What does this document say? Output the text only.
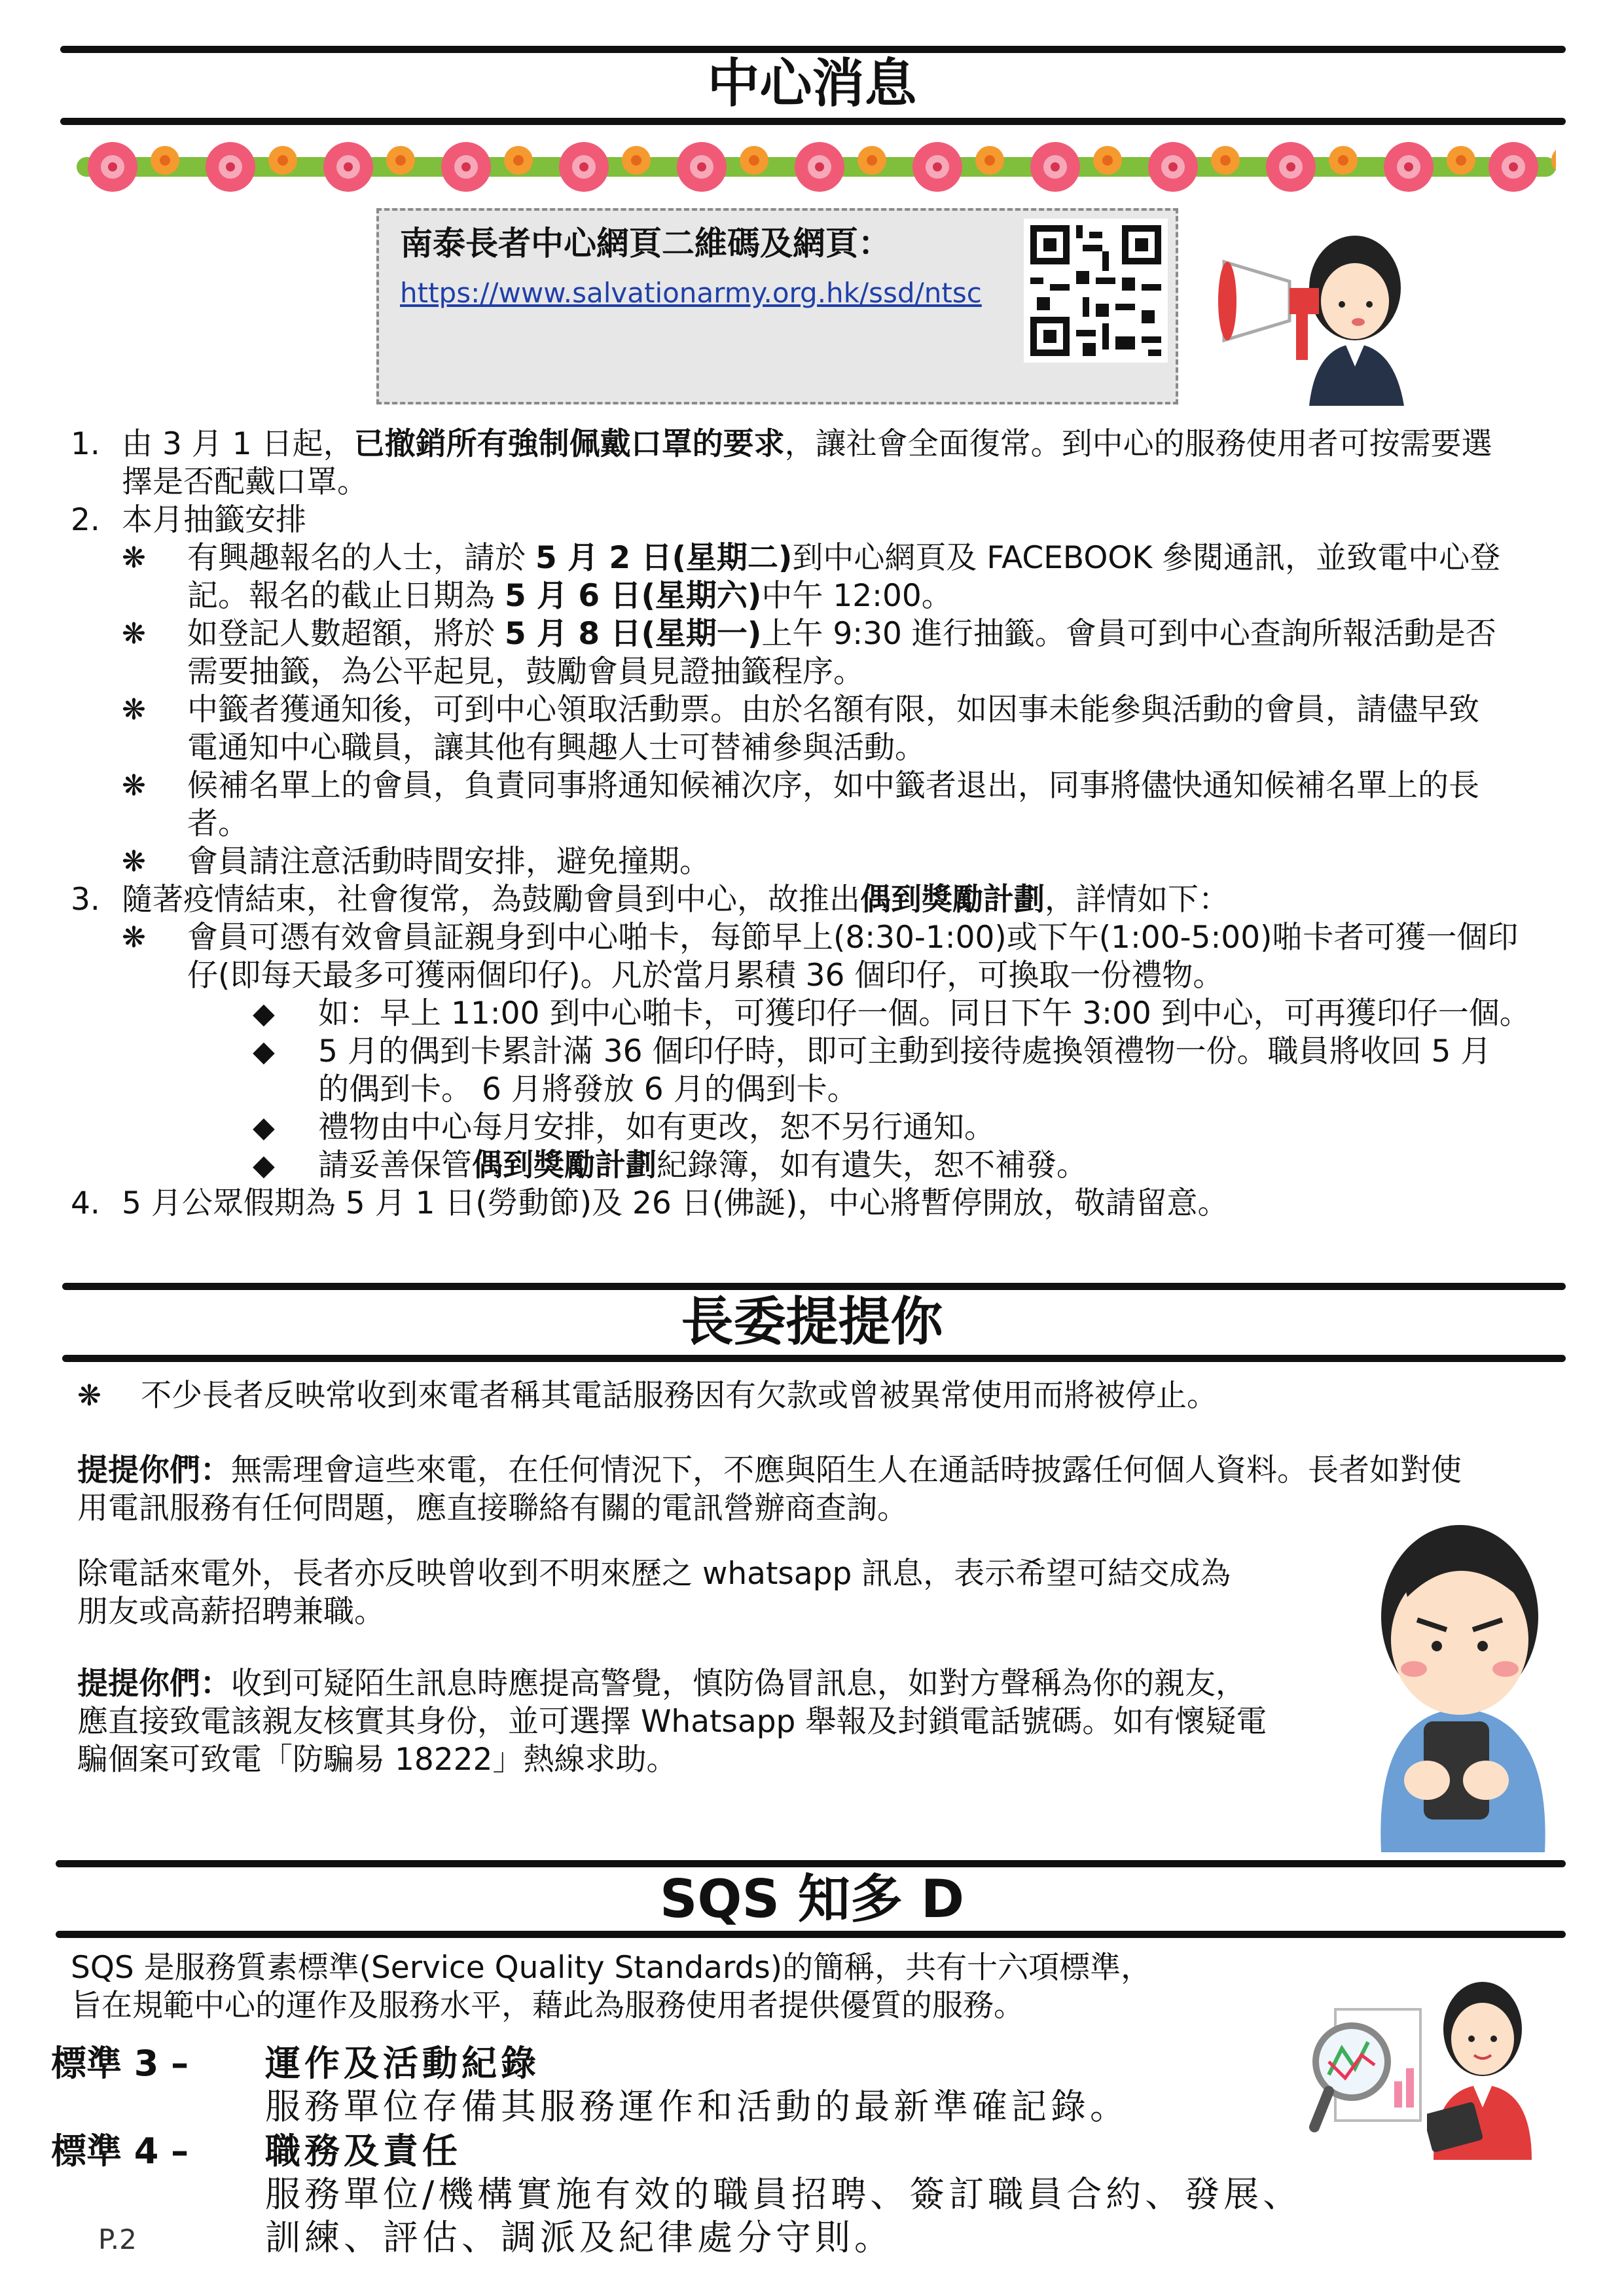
中心消息
南泰長者中心網頁二維碼及網頁：
https://www.salvationarmy.org.hk/ssd/ntsc
1. 由 3 月 1 日起，已撤銷所有強制佩戴口罩的要求，讓社會全面復常。到中心的服務使用者可按需要選
擇是否配戴口罩。
2. 本月抽籤安排
❋ 有興趣報名的人士，請於 5 月 2 日(星期二)到中心網頁及 FACEBOOK 參閱通訊，並致電中心登
記。報名的截止日期為 5 月 6 日(星期六)中午 12:00。
❋ 如登記人數超額，將於 5 月 8 日(星期一)上午 9:30 進行抽籤。會員可到中心查詢所報活動是否
需要抽籤，為公平起見，鼓勵會員見證抽籤程序。
❋ 中籤者獲通知後，可到中心領取活動票。由於名額有限，如因事未能參與活動的會員，請儘早致
電通知中心職員，讓其他有興趣人士可替補參與活動。
❋ 候補名單上的會員，負責同事將通知候補次序，如中籤者退出，同事將儘快通知候補名單上的長
者。
❋ 會員請注意活動時間安排，避免撞期。
3. 隨著疫情結束，社會復常，為鼓勵會員到中心，故推出偶到獎勵計劃，詳情如下：
❋ 會員可憑有效會員証親身到中心啪卡，每節早上(8:30-1:00)或下午(1:00-5:00)啪卡者可獲一個印
仔(即每天最多可獲兩個印仔)。凡於當月累積 36 個印仔，可換取一份禮物。
◆ 如：早上 11:00 到中心啪卡，可獲印仔一個。同日下午 3:00 到中心，可再獲印仔一個。
◆ 5 月的偶到卡累計滿 36 個印仔時，即可主動到接待處換領禮物一份。職員將收回 5 月
的偶到卡。 6 月將發放 6 月的偶到卡。
◆ 禮物由中心每月安排，如有更改，恕不另行通知。
◆ 請妥善保管偶到獎勵計劃紀錄簿，如有遺失，恕不補發。
4. 5 月公眾假期為 5 月 1 日(勞動節)及 26 日(佛誕)，中心將暫停開放，敬請留意。
長委提提你
❋ 不少長者反映常收到來電者稱其電話服務因有欠款或曾被異常使用而將被停止。
提提你們：無需理會這些來電，在任何情況下，不應與陌生人在通話時披露任何個人資料。長者如對使
用電訊服務有任何問題，應直接聯絡有關的電訊營辦商查詢。
除電話來電外，長者亦反映曾收到不明來歷之 whatsapp 訊息，表示希望可結交成為
朋友或高薪招聘兼職。
提提你們：收到可疑陌生訊息時應提高警覺，慎防偽冒訊息，如對方聲稱為你的親友，
應直接致電該親友核實其身份，並可選擇 Whatsapp 舉報及封鎖電話號碼。如有懷疑電
騙個案可致電「防騙易 18222」熱線求助。
SQS 知多 D
SQS 是服務質素標準(Service Quality Standards)的簡稱，共有十六項標準，
旨在規範中心的運作及服務水平，藉此為服務使用者提供優質的服務。
標準 3 – 運作及活動紀錄
服務單位存備其服務運作和活動的最新準確記錄。
標準 4 – 職務及責任
服務單位/機構實施有效的職員招聘、簽訂職員合約、發展、
訓練、評估、調派及紀律處分守則。
P.2
